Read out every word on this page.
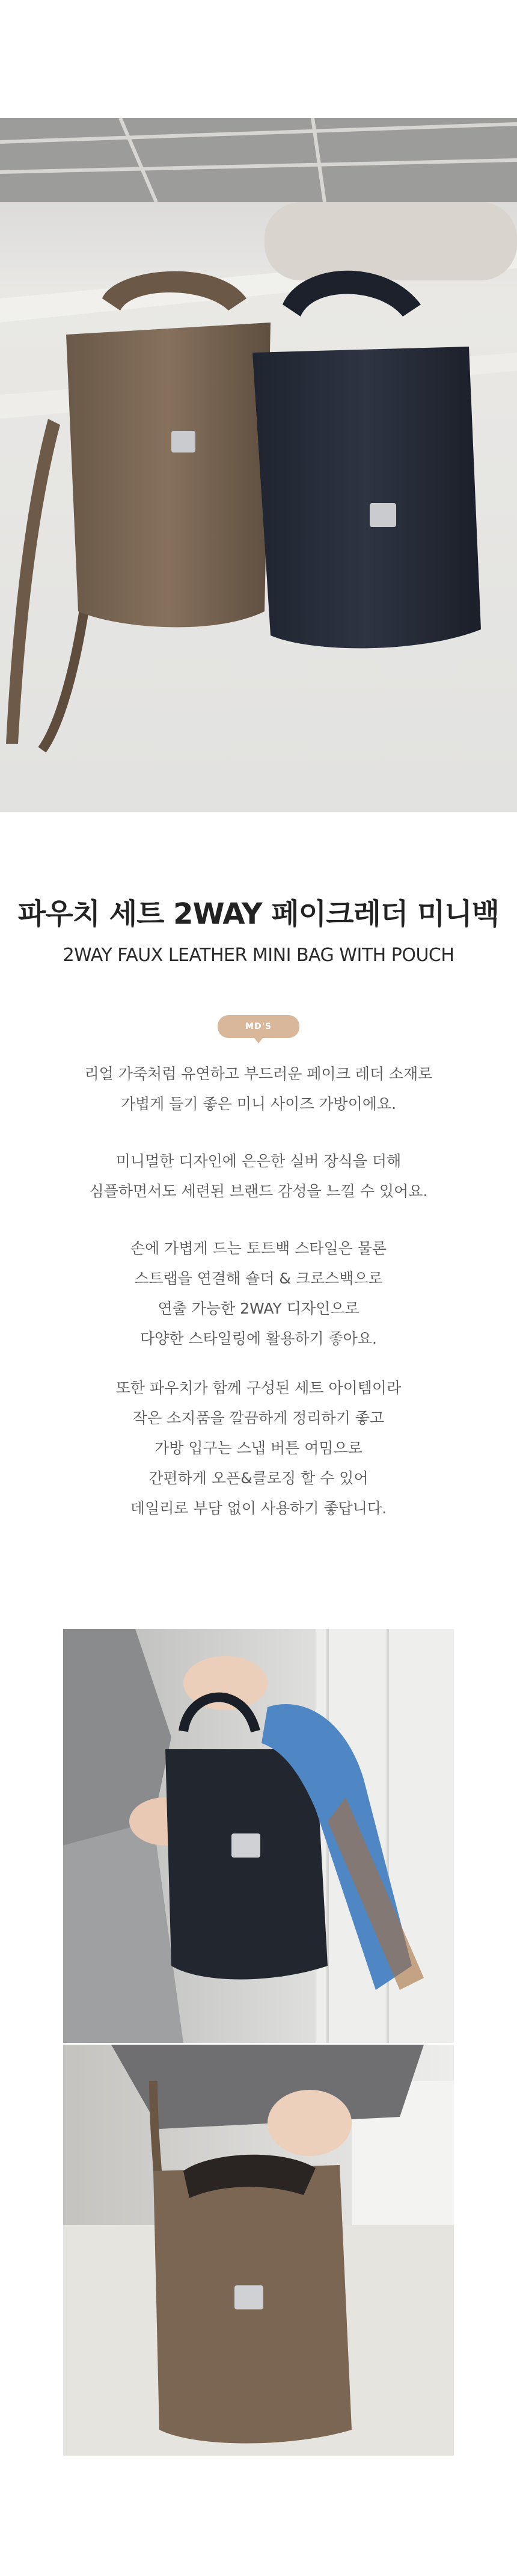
파우치 세트 2WAY 페이크레더 미니백
2WAY FAUX LEATHER MINI BAG WITH POUCH
MD'S COMMENTS

리얼 가죽처럼 유연하고 부드러운 페이크 레더 소재로
가볍게 들기 좋은 미니 사이즈 가방이에요.

미니멀한 디자인에 은은한 실버 장식을 더해
심플하면서도 세련된 브랜드 감성을 느낄 수 있어요.

손에 가볍게 드는 토트백 스타일은 물론
스트랩을 연결해 숄더 & 크로스백으로
연출 가능한 2WAY 디자인으로
다양한 스타일링에 활용하기 좋아요.

또한 파우치가 함께 구성된 세트 아이템이라
작은 소지품을 깔끔하게 정리하기 좋고
가방 입구는 스냅 버튼 여밈으로
간편하게 오픈&클로징 할 수 있어
데일리로 부담 없이 사용하기 좋답니다.
